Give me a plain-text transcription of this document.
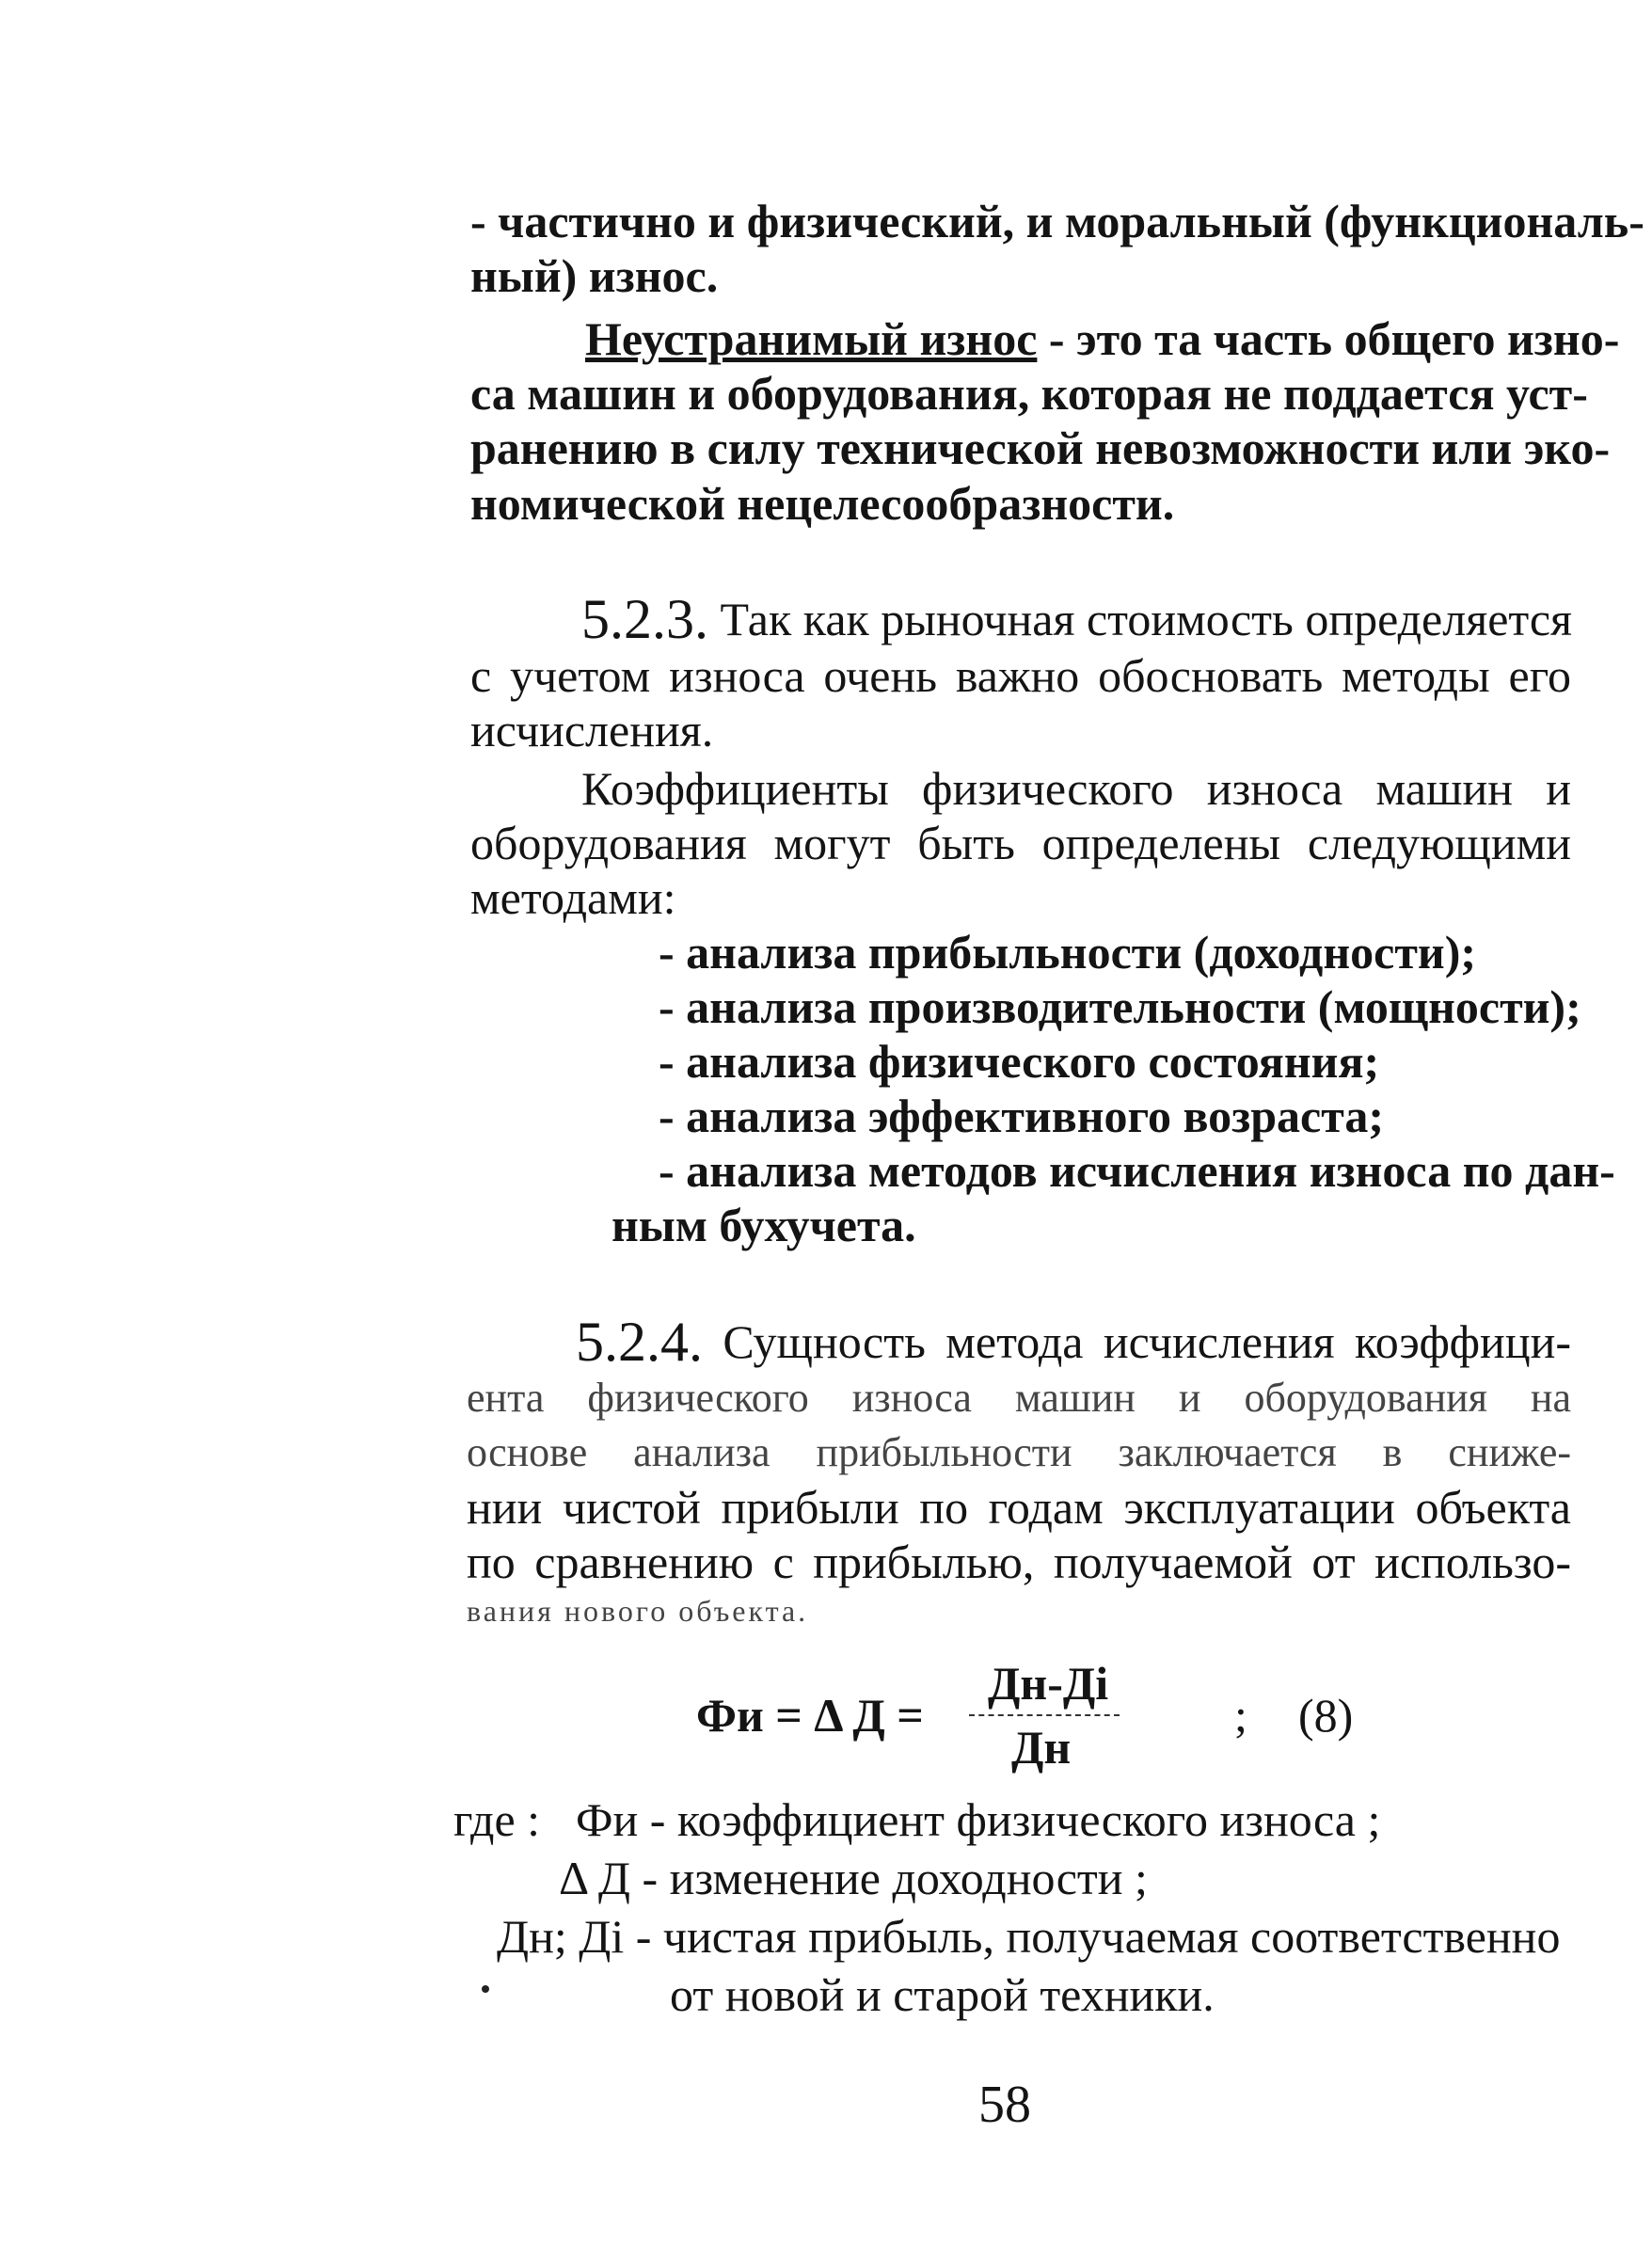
- частично и физический, и моральный (функциональ-
ный) износ.
Неустранимый износ - это та часть общего изно-
са машин и оборудования, которая не поддается уст-
ранению в силу технической невозможности или эко-
номической нецелесообразности.
5.2.3. Так как рыночная стоимость определяется
с учетом износа очень важно обосновать методы его
исчисления.
Коэффициенты физического износа машин и
оборудования могут быть определены следующими
методами:
- анализа прибыльности (доходности);
- анализа производительности (мощности);
- анализа физического состояния;
- анализа эффективного возраста;
- анализа методов исчисления износа по дан-
ным бухучета.
5.2.4. Сущность метода исчисления коэффици-
ента физического износа машин и оборудования на
основе анализа прибыльности заключается в сниже-
нии чистой прибыли по годам эксплуатации объекта
по сравнению с прибылью, получаемой от использо-
вания нового объекта.
Фи = Δ Д =
Дн-Дi
Дн
; (8)
где : Фи - коэффициент физического износа ;
Δ Д - изменение доходности ;
Дн; Дi - чистая прибыль, получаемая соответственно
от новой и старой техники.
58
